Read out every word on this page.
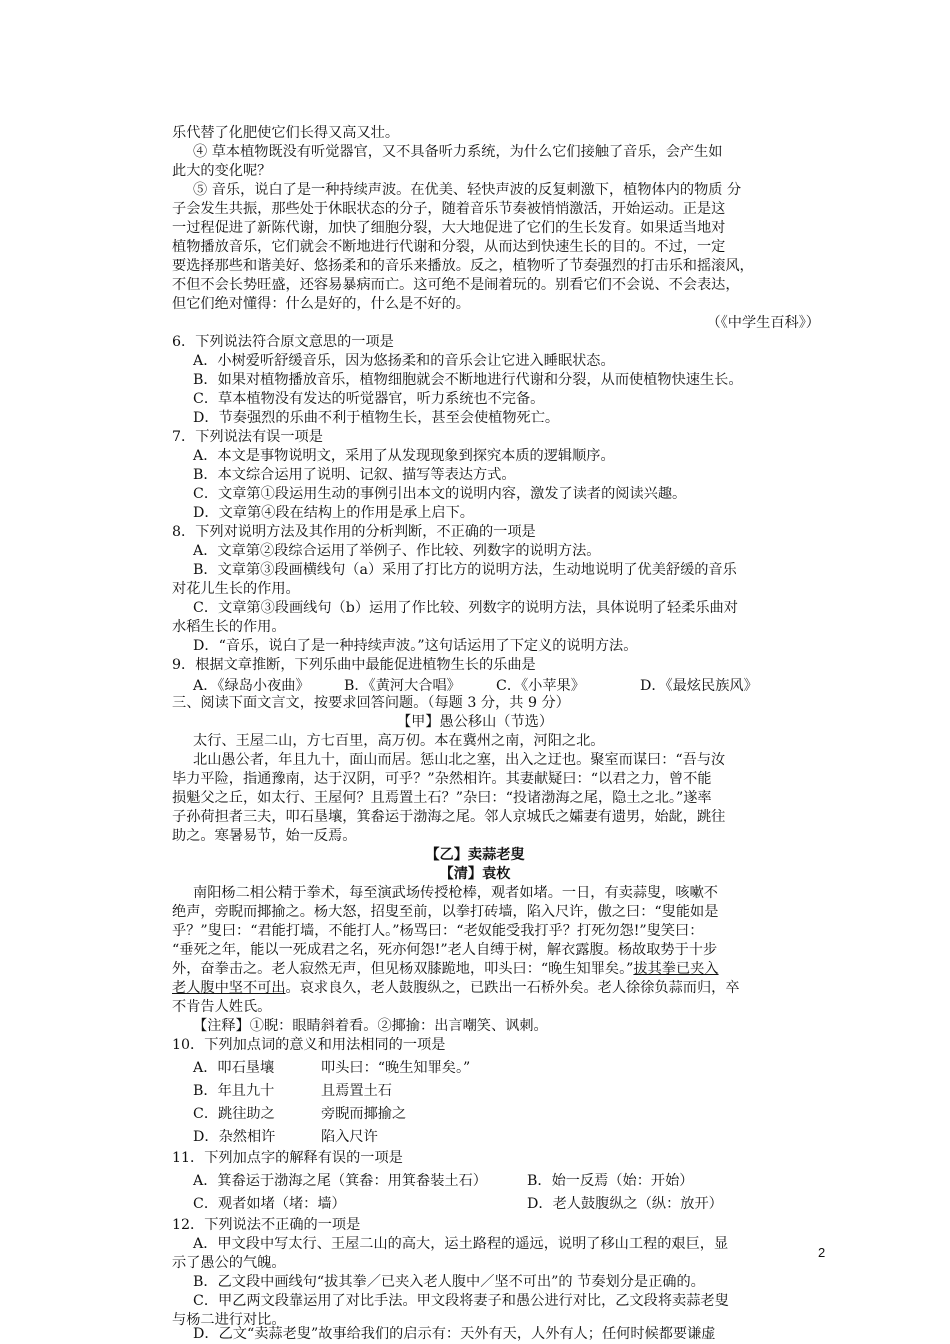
乐代替了化肥使它们长得又高又壮。
④ 草本植物既没有听觉器官，又不具备听力系统，为什么它们接触了音乐，会产生如
此大的变化呢？
⑤ 音乐，说白了是一种持续声波。在优美、轻快声波的反复刺激下，植物体内的物质 分
子会发生共振，那些处于休眠状态的分子，随着音乐节奏被悄悄激活，开始运动。正是这
一过程促进了新陈代谢，加快了细胞分裂，大大地促进了它们的生长发育。如果适当地对
植物播放音乐，它们就会不断地进行代谢和分裂，从而达到快速生长的目的。不过，一定
要选择那些和谐美好、悠扬柔和的音乐来播放。反之，植物听了节奏强烈的打击乐和摇滚风，
不但不会长势旺盛，还容易暴病而亡。这可绝不是闹着玩的。别看它们不会说、不会表达，
但它们绝对懂得：什么是好的，什么是不好的。
（《中学生百科》）
6．下列说法符合原文意思的一项是
A．小树爱听舒缓音乐，因为悠扬柔和的音乐会让它进入睡眠状态。
B．如果对植物播放音乐，植物细胞就会不断地进行代谢和分裂，从而使植物快速生长。
C．草本植物没有发达的听觉器官，听力系统也不完备。
D．节奏强烈的乐曲不利于植物生长，甚至会使植物死亡。
7．下列说法有误一项是
A．本文是事物说明文，采用了从发现现象到探究本质的逻辑顺序。
B．本文综合运用了说明、记叙、描写等表达方式。
C．文章第①段运用生动的事例引出本文的说明内容，激发了读者的阅读兴趣。
D．文章第④段在结构上的作用是承上启下。
8．下列对说明方法及其作用的分析判断，不正确的一项是
A．文章第②段综合运用了举例子、作比较、列数字的说明方法。
B．文章第③段画横线句（a）采用了打比方的说明方法，生动地说明了优美舒缓的音乐
对花儿生长的作用。
C．文章第③段画线句（b）运用了作比较、列数字的说明方法，具体说明了轻柔乐曲对
水稻生长的作用。
D．“音乐，说白了是一种持续声波。”这句话运用了下定义的说明方法。
9．根据文章推断，下列乐曲中最能促进植物生长的乐曲是
A．《绿岛小夜曲》 B．《黄河大合唱》 C．《小苹果》	D．《最炫民族风》
三、阅读下面文言文，按要求回答问题。（每题 3 分，共 9 分）
【甲】愚公移山（节选）
太行、王屋二山，方七百里，高万仞。本在冀州之南，河阳之北。
北山愚公者，年且九十，面山而居。惩山北之塞，出入之迂也。聚室而谋曰：“吾与汝
毕力平险，指通豫南，达于汉阴，可乎？”杂然相许。其妻献疑曰：“以君之力，曾不能
损魁父之丘，如太行、王屋何？且焉置土石？”杂曰：“投诸渤海之尾，隐土之北。”遂率
子孙荷担者三夫，叩石垦壤，箕畚运于渤海之尾。邻人京城氏之孀妻有遗男，始龀，跳往
助之。寒暑易节，始一反焉。
【乙】卖蒜老叟
【清】袁枚
南阳杨二相公精于拳术，每至演武场传授枪棒，观者如堵。一日，有卖蒜叟，咳嗽不
绝声，旁睨而揶揄之。杨大怒，招叟至前，以拳打砖墙，陷入尺许，傲之曰：“叟能如是
乎？”叟曰：“君能打墙，不能打人。”杨骂曰：“老奴能受我打乎？打死勿怨!”叟笑曰：
“垂死之年，能以一死成君之名，死亦何怨!”老人自缚于树，解衣露腹。杨故取势于十步
外，奋拳击之。老人寂然无声，但见杨双膝跪地，叩头曰：“晚生知罪矣。”拔其拳已夹入
老人腹中坚不可出。哀求良久，老人鼓腹纵之，已跌出一石桥外矣。老人徐徐负蒜而归，卒
不肯告人姓氏。
【注释】①睨：眼睛斜着看。②揶揄：出言嘲笑、讽刺。
10．下列加点词的意义和用法相同的一项是
A．叩石垦壤	叩头曰：“晚生知罪矣。”
B．年且九十	且焉置土石
C．跳往助之	旁睨而揶揄之
D．杂然相许	陷入尺许
11．下列加点字的解释有误的一项是
A．箕畚运于渤海之尾（箕畚：用箕畚装土石）	B．始一反焉（始：开始）
C．观者如堵（堵：墙）	D．老人鼓腹纵之（纵：放开）
12．下列说法不正确的一项是
A．甲文段中写太行、王屋二山的高大，运土路程的遥远，说明了移山工程的艰巨，显
示了愚公的气魄。
B．乙文段中画线句“拔其拳／已夹入老人腹中／坚不可出”的 节奏划分是正确的。
C．甲乙两文段靠运用了对比手法。甲文段将妻子和愚公进行对比，乙文段将卖蒜老叟
与杨二进行对比。
D．乙文“卖蒜老叟”故事给我们的启示有：天外有天，人外有人；任何时候都要谦虚
2
